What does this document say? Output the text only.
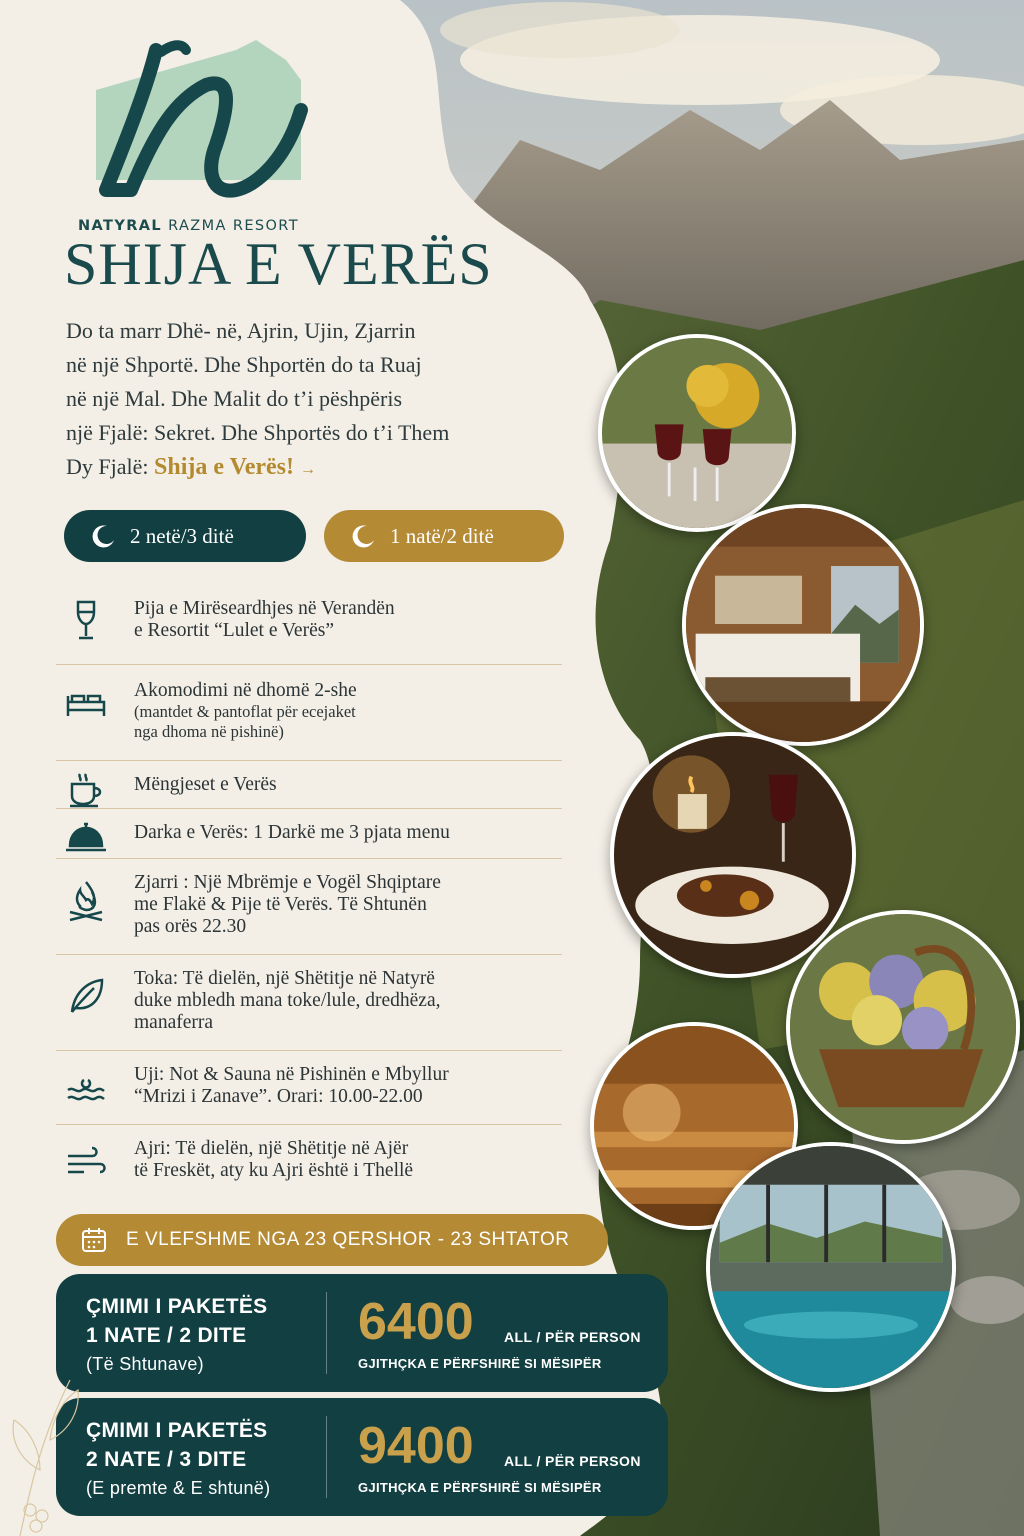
NATYRAL RAZMA RESORT
SHIJA E VERËS
Do ta marr Dhë- në, Ajrin, Ujin, Zjarrin
në një Shportë. Dhe Shportën do ta Ruaj
në një Mal. Dhe Malit do t’i pëshpëris
një Fjalë: Sekret. Dhe Shportës do t’i Them
Dy Fjalë: Shija e Verës! →
2 netë/3 ditë	1 natë/2 ditë
Pija e Mirëseardhjes në Verandën
e Resortit “Lulet e Verës”
Akomodimi në dhomë 2-she
(mantdet & pantoflat për ecejaket
nga dhoma në pishinë)
Mëngjeset e Verës
Darka e Verës: 1 Darkë me 3 pjata menu
Zjarri : Një Mbrëmje e Vogël Shqiptare
me Flakë & Pije të Verës. Të Shtunën
pas orës 22.30
Toka: Të dielën, një Shëtitje në Natyrë
duke mbledh mana toke/lule, dredhëza,
manaferra
Uji: Not & Sauna në Pishinën e Mbyllur
“Mrizi i Zanave”. Orari: 10.00-22.00
Ajri: Të dielën, një Shëtitje në Ajër
të Freskët, aty ku Ajri është i Thellë
E VLEFSHME NGA 23 QERSHOR - 23 SHTATOR
ÇMIMI I PAKETËS
1 NATE / 2 DITE
(Të Shtunave)
6400 ALL / PËR PERSON
GJITHÇKA E PËRFSHIRË SI MËSIPËR
ÇMIMI I PAKETËS
2 NATE / 3 DITE
(E premte & E shtunë)
9400 ALL / PËR PERSON
GJITHÇKA E PËRFSHIRË SI MËSIPËR
